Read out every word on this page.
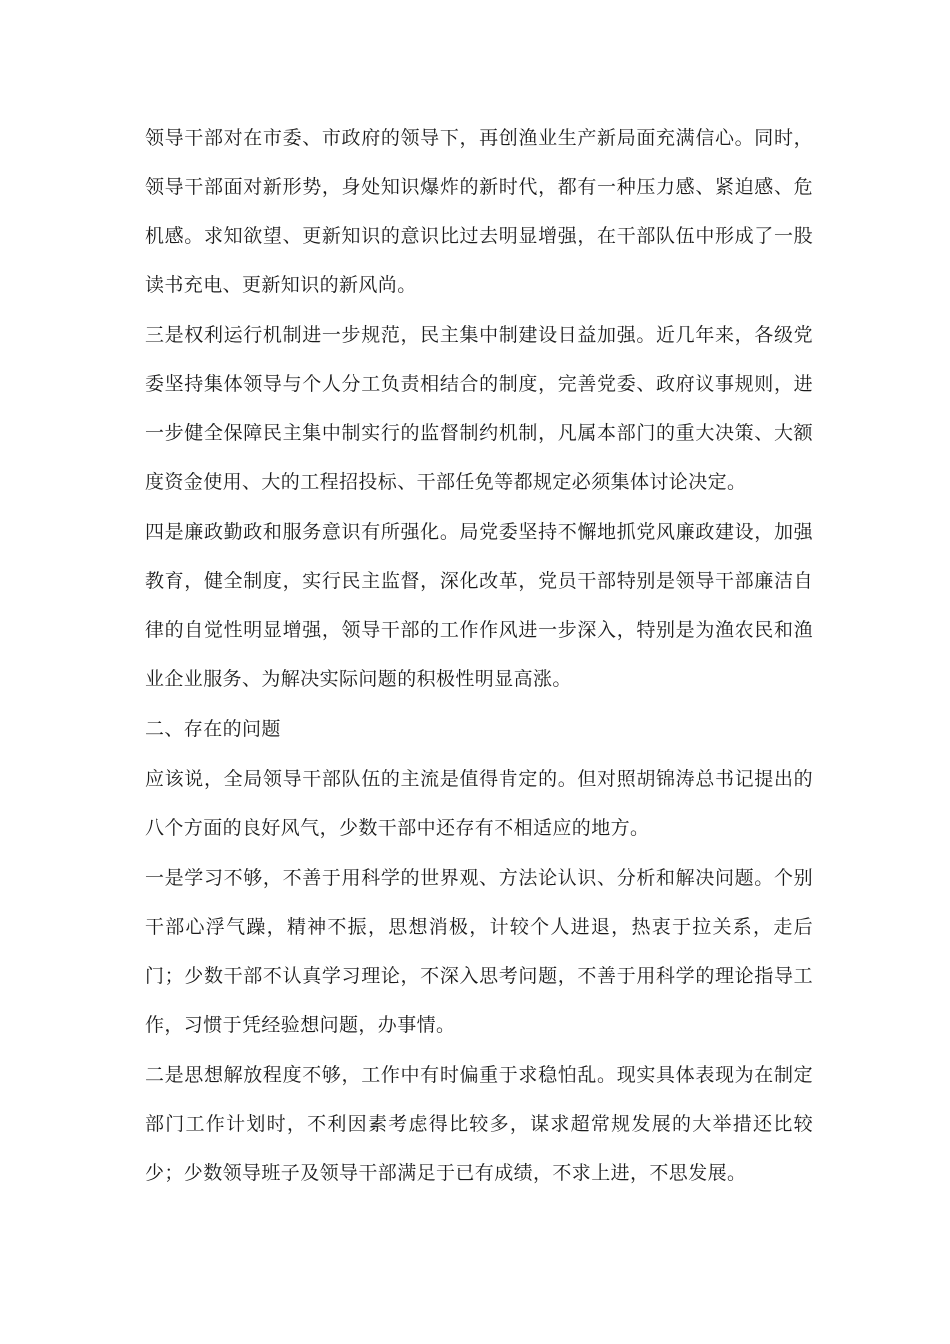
领导干部对在市委、市政府的领导下，再创渔业生产新局面充满信心。同时，领导干部面对新形势，身处知识爆炸的新时代，都有一种压力感、紧迫感、危机感。求知欲望、更新知识的意识比过去明显增强，在干部队伍中形成了一股读书充电、更新知识的新风尚。

三是权利运行机制进一步规范，民主集中制建设日益加强。近几年来，各级党委坚持集体领导与个人分工负责相结合的制度，完善党委、政府议事规则，进一步健全保障民主集中制实行的监督制约机制，凡属本部门的重大决策、大额度资金使用、大的工程招投标、干部任免等都规定必须集体讨论决定。

四是廉政勤政和服务意识有所强化。局党委坚持不懈地抓党风廉政建设，加强教育，健全制度，实行民主监督，深化改革，党员干部特别是领导干部廉洁自律的自觉性明显增强，领导干部的工作作风进一步深入，特别是为渔农民和渔业企业服务、为解决实际问题的积极性明显高涨。

二、存在的问题

应该说，全局领导干部队伍的主流是值得肯定的。但对照胡锦涛总书记提出的八个方面的良好风气，少数干部中还存有不相适应的地方。

一是学习不够，不善于用科学的世界观、方法论认识、分析和解决问题。个别干部心浮气躁，精神不振，思想消极，计较个人进退，热衷于拉关系，走后门；少数干部不认真学习理论，不深入思考问题，不善于用科学的理论指导工作，习惯于凭经验想问题，办事情。

二是思想解放程度不够，工作中有时偏重于求稳怕乱。现实具体表现为在制定部门工作计划时，不利因素考虑得比较多，谋求超常规发展的大举措还比较少；少数领导班子及领导干部满足于已有成绩，不求上进，不思发展。
